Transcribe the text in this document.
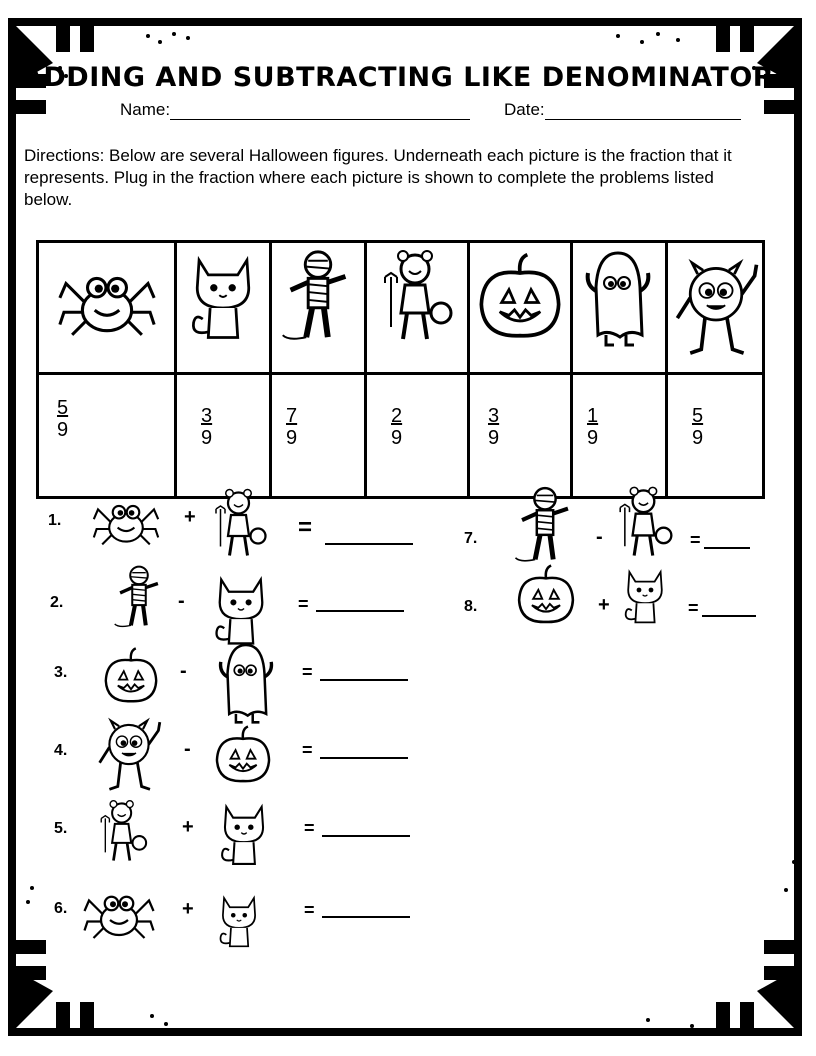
ADDING AND SUBTRACTING LIKE DENOMINATORS
Name:	Date:
Directions: Below are several Halloween figures. Underneath each picture is the fraction that it represents. Plug in the fraction where each picture is shown to complete the problems listed below.

$\frac{5}{9}$	$\frac{3}{9}$	$\frac{7}{9}$	$\frac{2}{9}$	$\frac{3}{9}$	$\frac{1}{9}$	$\frac{5}{9}$
1.	+	=
2.	-	=
3.	-	=
4.	-	=
5.	+	=
6.	+	=
7.	-	=
8.	+	=
